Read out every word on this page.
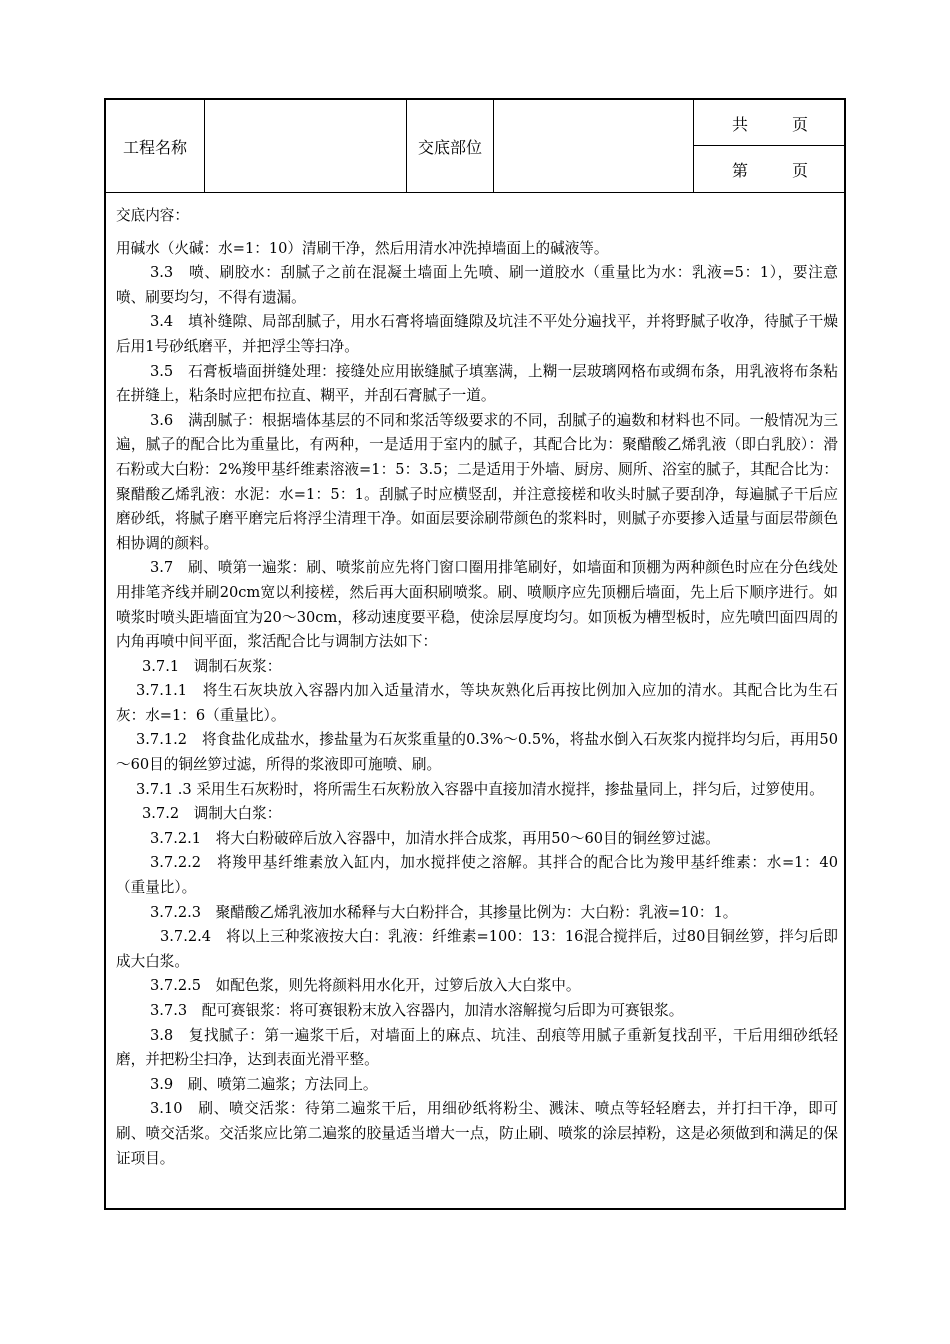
工程名称	交底部位
共	页
第	页

交底内容：

用碱水（火碱：水=1：10）清刷干净，然后用清水冲洗掉墙面上的碱液等。

3.3　喷、刷胶水：刮腻子之前在混凝土墙面上先喷、刷一道胶水（重量比为水：乳液=5：1），要注意喷、刷要均匀，不得有遗漏。

3.4　填补缝隙、局部刮腻子，用水石膏将墙面缝隙及坑洼不平处分遍找平，并将野腻子收净，待腻子干燥后用1号砂纸磨平，并把浮尘等扫净。

3.5　石膏板墙面拼缝处理：接缝处应用嵌缝腻子填塞满，上糊一层玻璃网格布或绸布条，用乳液将布条粘在拼缝上，粘条时应把布拉直、糊平，并刮石膏腻子一道。

3.6　满刮腻子：根据墙体基层的不同和浆活等级要求的不同，刮腻子的遍数和材料也不同。一般情况为三遍，腻子的配合比为重量比，有两种，一是适用于室内的腻子，其配合比为：聚醋酸乙烯乳液（即白乳胶）：滑石粉或大白粉：2%羧甲基纤维素溶液=1：5：3.5；二是适用于外墙、厨房、厕所、浴室的腻子，其配合比为：聚醋酸乙烯乳液：水泥：水=1：5：1。刮腻子时应横竖刮，并注意接槎和收头时腻子要刮净，每遍腻子干后应磨砂纸，将腻子磨平磨完后将浮尘清理干净。如面层要涂刷带颜色的浆料时，则腻子亦要掺入适量与面层带颜色相协调的颜料。

3.7　刷、喷第一遍浆：刷、喷浆前应先将门窗口圈用排笔刷好，如墙面和顶棚为两种颜色时应在分色线处用排笔齐线并刷20cm宽以利接槎，然后再大面积刷喷浆。刷、喷顺序应先顶棚后墙面，先上后下顺序进行。如喷浆时喷头距墙面宜为20～30cm，移动速度要平稳，使涂层厚度均匀。如顶板为槽型板时，应先喷凹面四周的内角再喷中间平面，浆活配合比与调制方法如下：

3.7.1　调制石灰浆：

3.7.1.1　将生石灰块放入容器内加入适量清水，等块灰熟化后再按比例加入应加的清水。其配合比为生石灰：水=1：6（重量比）。

3.7.1.2　将食盐化成盐水，掺盐量为石灰浆重量的0.3%～0.5%，将盐水倒入石灰浆内搅拌均匀后，再用50～60目的铜丝箩过滤，所得的浆液即可施喷、刷。

3.7.1 .3 采用生石灰粉时，将所需生石灰粉放入容器中直接加清水搅拌，掺盐量同上，拌匀后，过箩使用。

3.7.2　调制大白浆：

3.7.2.1　将大白粉破碎后放入容器中，加清水拌合成浆，再用50～60目的铜丝箩过滤。

3.7.2.2　将羧甲基纤维素放入缸内，加水搅拌使之溶解。其拌合的配合比为羧甲基纤维素：水=1：40（重量比）。

3.7.2.3　聚醋酸乙烯乳液加水稀释与大白粉拌合，其掺量比例为：大白粉：乳液=10：1。

3.7.2.4　将以上三种浆液按大白：乳液：纤维素=100：13：16混合搅拌后，过80目铜丝箩，拌匀后即成大白浆。

3.7.2.5　如配色浆，则先将颜料用水化开，过箩后放入大白浆中。

3.7.3　配可赛银浆：将可赛银粉末放入容器内，加清水溶解搅匀后即为可赛银浆。

3.8　复找腻子：第一遍浆干后，对墙面上的麻点、坑洼、刮痕等用腻子重新复找刮平，干后用细砂纸轻磨，并把粉尘扫净，达到表面光滑平整。

3.9　刷、喷第二遍浆；方法同上。

3.10　刷、喷交活浆：待第二遍浆干后，用细砂纸将粉尘、溅沫、喷点等轻轻磨去，并打扫干净，即可刷、喷交活浆。交活浆应比第二遍浆的胶量适当增大一点，防止刷、喷浆的涂层掉粉，这是必须做到和满足的保证项目。
